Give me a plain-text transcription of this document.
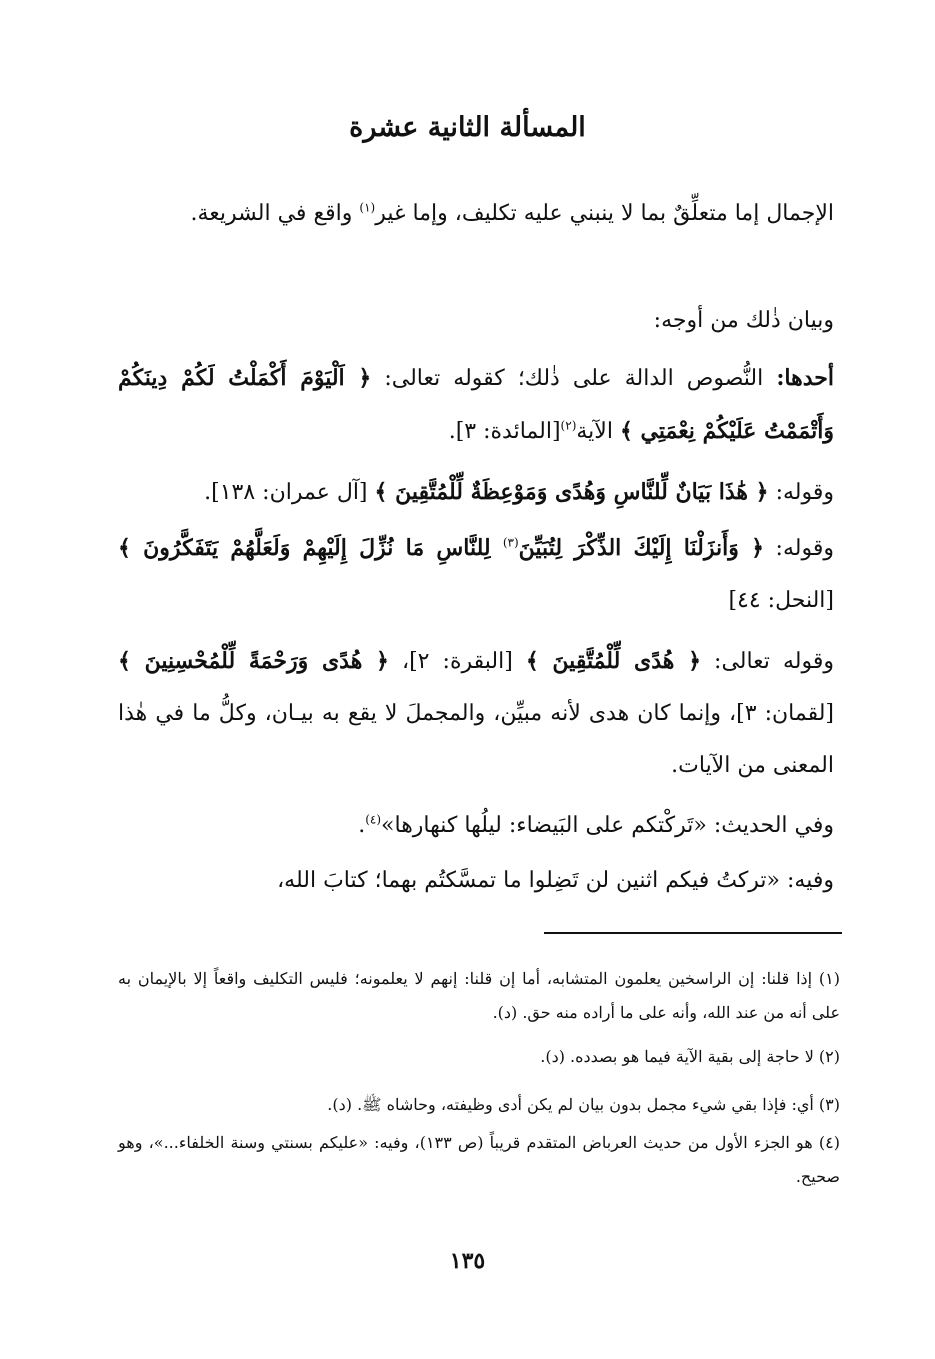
المسألة الثانية عشرة

الإجمال إما متعلِّقٌ بما لا ينبني عليه تكليف، وإما غير$^{(١)}$ واقع في الشريعة.

وبيان ذٰلك من أوجه:

أحدها: النُّصوص الدالة على ذٰلك؛ كقوله تعالى: ﴿ اَلْيَوْمَ أَكْمَلْتُ لَكُمْ دِينَكُمْ وَأَتْمَمْتُ عَلَيْكُمْ نِعْمَتِي ﴾ الآية$^{(٢)}$[المائدة: ٣].

وقوله: ﴿ هَٰذَا بَيَانٌ لِّلنَّاسِ وَهُدًى وَمَوْعِظَةٌ لِّلْمُتَّقِينَ ﴾ [آل عمران: ١٣٨].

وقوله: ﴿ وَأَنزَلْنَا إِلَيْكَ الذِّكْرَ لِتُبَيِّنَ$^{(٣)}$ لِلنَّاسِ مَا نُزِّلَ إِلَيْهِمْ وَلَعَلَّهُمْ يَتَفَكَّرُونَ ﴾ [النحل: ٤٤]

وقوله تعالى: ﴿ هُدًى لِّلْمُتَّقِينَ ﴾ [البقرة: ٢]، ﴿ هُدًى وَرَحْمَةً لِّلْمُحْسِنِينَ ﴾ [لقمان: ٣]، وإنما كان هدى لأنه مبيِّن، والمجملَ لا يقع به بيـان، وكلُّ ما في هٰذا المعنى من الآيات.

وفي الحديث: «تَركْتكم على البَيضاء: ليلُها كنهارها»$^{(٤)}$.

وفيه: «تركتُ فيكم اثنين لن تَضِلوا ما تمسَّكتُم بهما؛ كتابَ الله،

(١) إذا قلنا: إن الراسخين يعلمون المتشابه، أما إن قلنا: إنهم لا يعلمونه؛ فليس التكليف واقعاً إلا بالإيمان به على أنه من عند الله، وأنه على ما أراده منه حق. (د).

(٢) لا حاجة إلى بقية الآية فيما هو بصدده. (د).

(٣) أي: فإذا بقي شيء مجمل بدون بيان لم يكن أدى وظيفته، وحاشاه ﷺ. (د).

(٤) هو الجزء الأول من حديث العرباض المتقدم قريباً (ص ١٣٣)، وفيه: «عليكم بسنتي وسنة الخلفاء...»، وهو صحيح.

١٣٥
